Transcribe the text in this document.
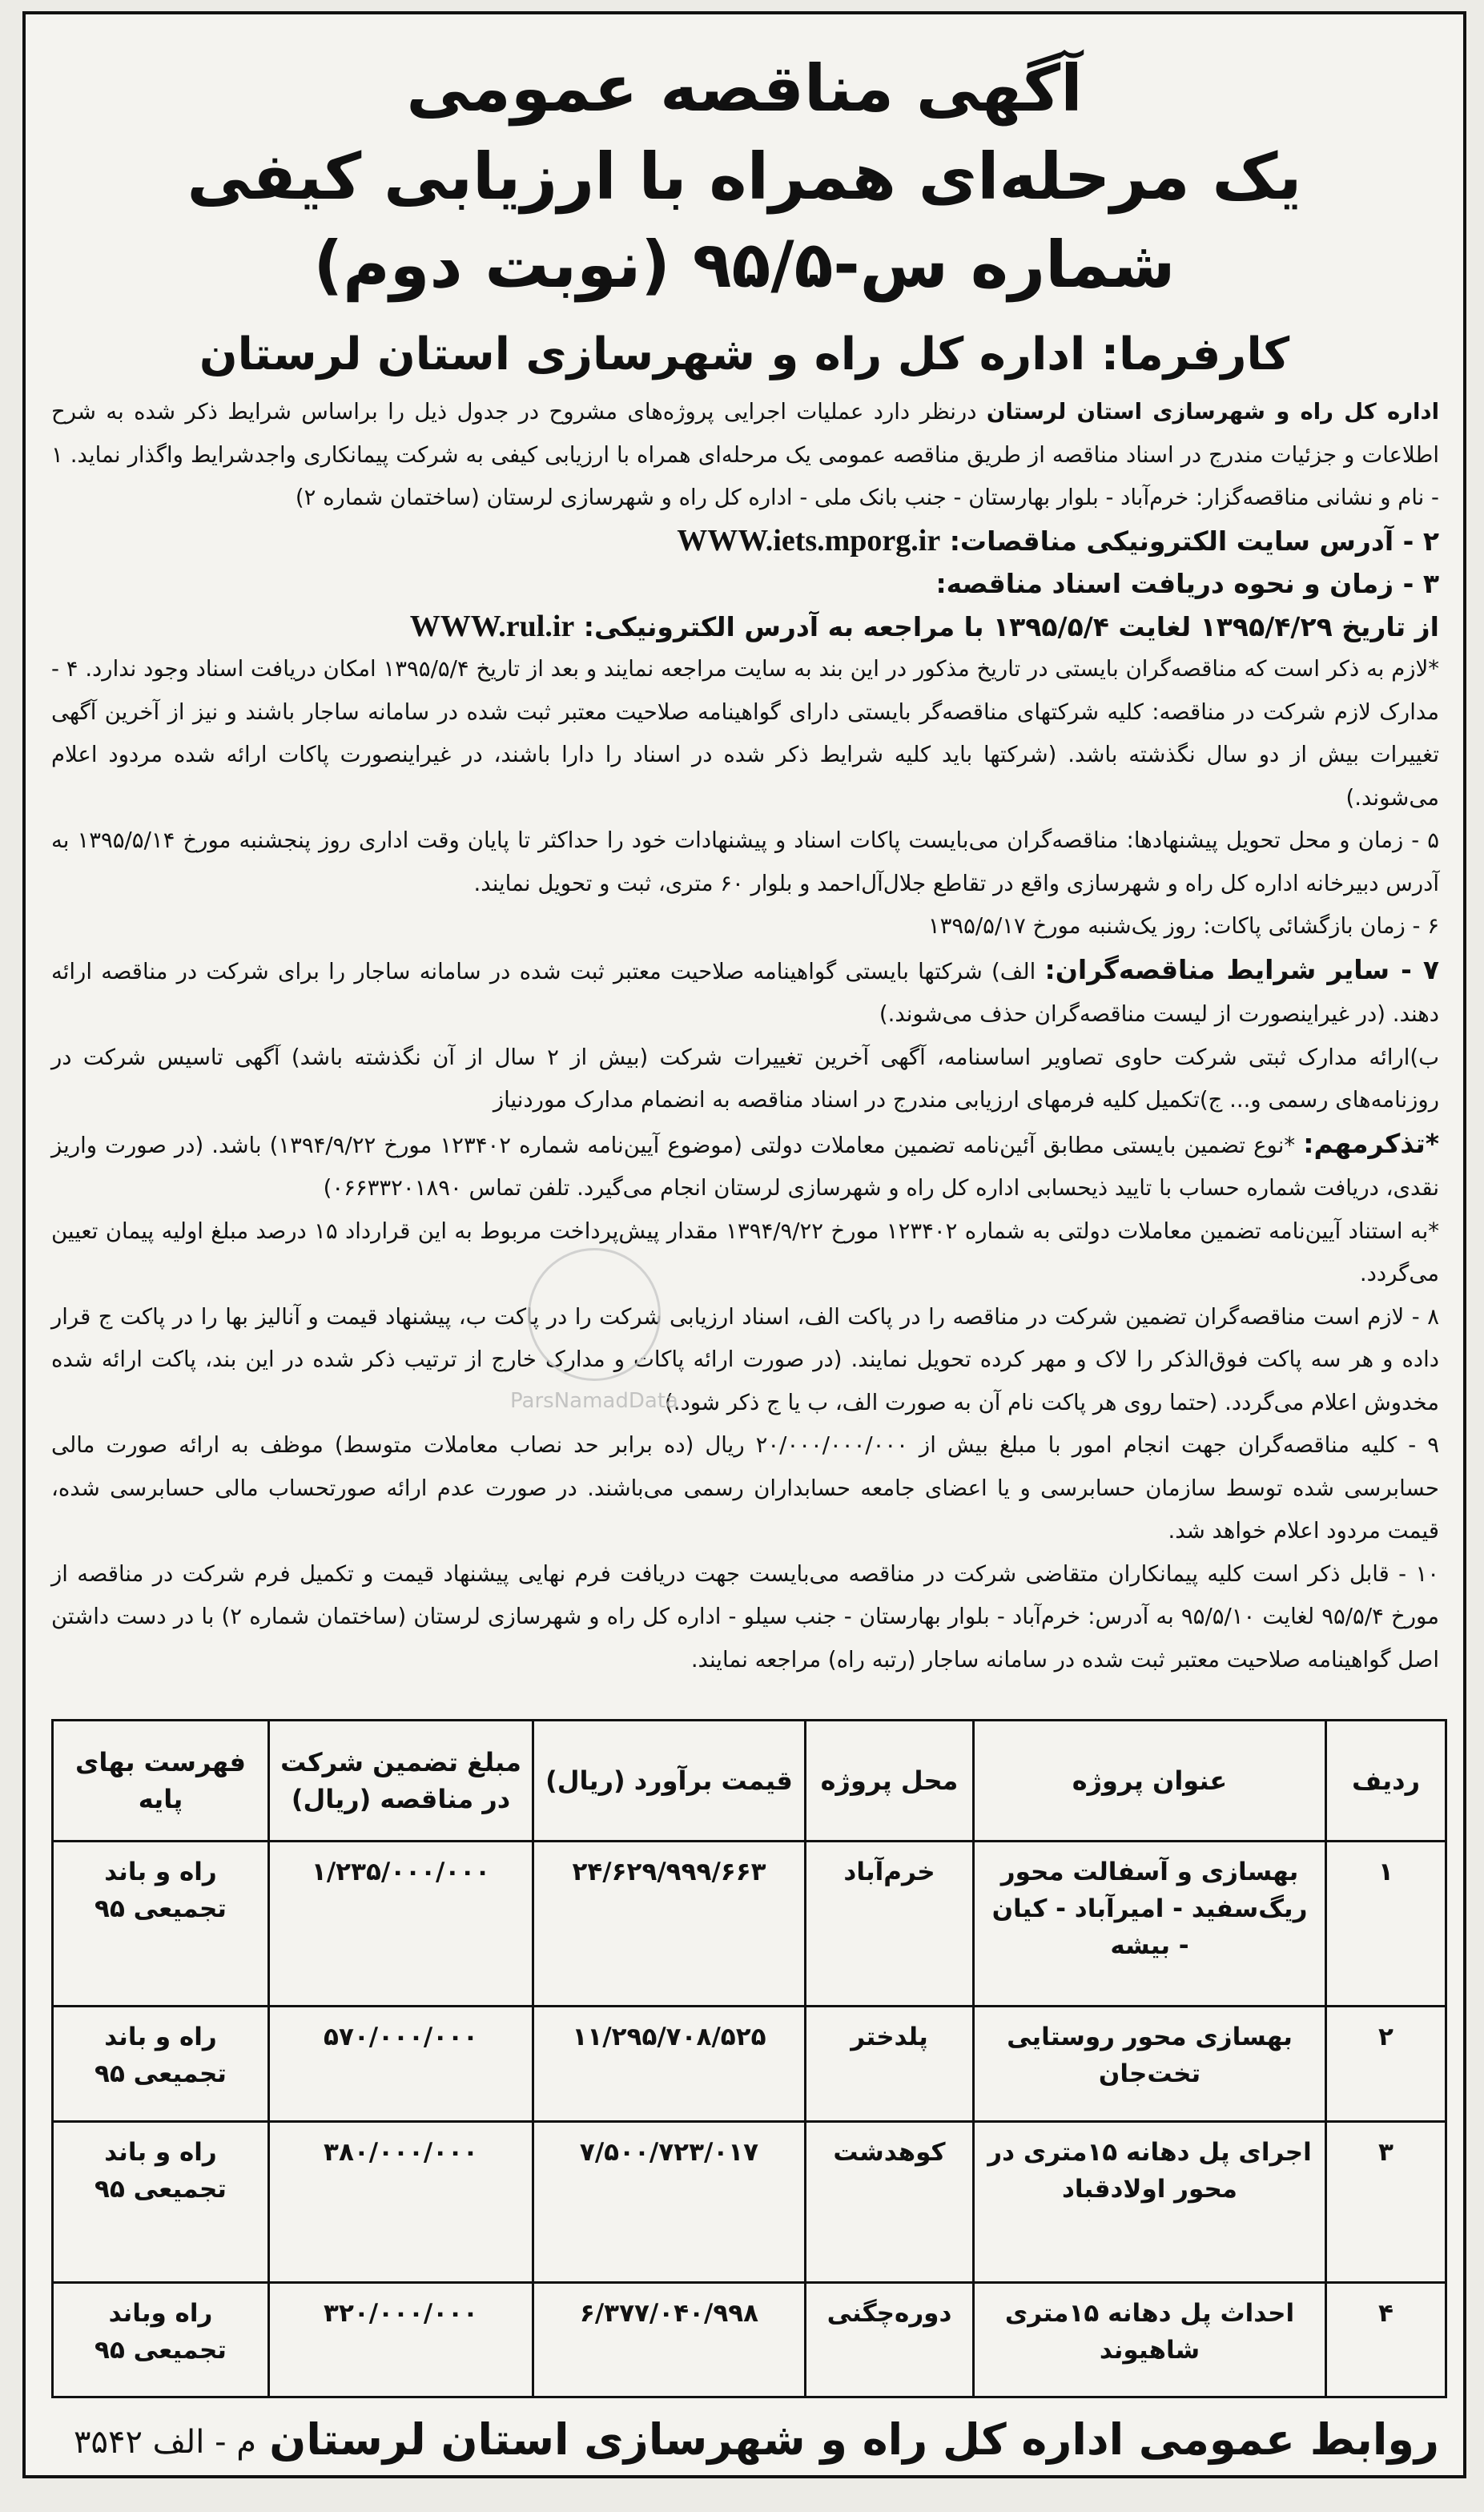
آگهی مناقصه عمومی
یک مرحله‌ای همراه با ارزیابی کیفی
شماره س-۹۵/۵ (نوبت دوم)
کارفرما: اداره کل راه و شهرسازی استان لرستان

اداره کل راه و شهرسازی استان لرستان درنظر دارد عملیات اجرایی پروژه‌های مشروح در جدول ذیل را براساس شرایط ذکر شده به شرح اطلاعات و جزئیات مندرج در اسناد مناقصه از طریق مناقصه عمومی یک مرحله‌ای همراه با ارزیابی کیفی به شرکت پیمانکاری واجدشرایط واگذار نماید. ۱ - نام و نشانی مناقصه‌گزار: خرم‌آباد - بلوار بهارستان - جنب بانک ملی - اداره کل راه و شهرسازی لرستان (ساختمان شماره ۲)

۲ - آدرس سایت الکترونیکی مناقصات: WWW.iets.mporg.ir

۳ - زمان و نحوه دریافت اسناد مناقصه:

از تاریخ ۱۳۹۵/۴/۲۹ لغایت ۱۳۹۵/۵/۴ با مراجعه به آدرس الکترونیکی: WWW.rul.ir

*لازم به ذکر است که مناقصه‌گران بایستی در تاریخ مذکور در این بند به سایت مراجعه نمایند و بعد از تاریخ ۱۳۹۵/۵/۴ امکان دریافت اسناد وجود ندارد. ۴ - مدارک لازم شرکت در مناقصه: کلیه شرکتهای مناقصه‌گر بایستی دارای گواهینامه صلاحیت معتبر ثبت شده در سامانه ساجار باشند و نیز از آخرین آگهی تغییرات بیش از دو سال نگذشته باشد. (شرکتها باید کلیه شرایط ذکر شده در اسناد را دارا باشند، در غیراینصورت پاکات ارائه شده مردود اعلام می‌شوند.)

۵ - زمان و محل تحویل پیشنهادها: مناقصه‌گران می‌بایست پاکات اسناد و پیشنهادات خود را حداکثر تا پایان وقت اداری روز پنجشنبه مورخ ۱۳۹۵/۵/۱۴ به آدرس دبیرخانه اداره کل راه و شهرسازی واقع در تقاطع جلال‌آل‌احمد و بلوار ۶۰ متری، ثبت و تحویل نمایند.

۶ - زمان بازگشائی پاکات: روز یک‌شنبه مورخ ۱۳۹۵/۵/۱۷

۷ - سایر شرایط مناقصه‌گران: الف) شرکتها بایستی گواهینامه صلاحیت معتبر ثبت شده در سامانه ساجار را برای شرکت در مناقصه ارائه دهند. (در غیراینصورت از لیست مناقصه‌گران حذف می‌شوند.)

ب)ارائه مدارک ثبتی شرکت حاوی تصاویر اساسنامه، آگهی آخرین تغییرات شرکت (بیش از ۲ سال از آن نگذشته باشد) آگهی تاسیس شرکت در روزنامه‌های رسمی و... ج)تکمیل کلیه فرمهای ارزیابی مندرج در اسناد مناقصه به انضمام مدارک موردنیاز

*تذکرمهم: *نوع تضمین بایستی مطابق آئین‌نامه تضمین معاملات دولتی (موضوع آیین‌نامه شماره ۱۲۳۴۰۲ مورخ ۱۳۹۴/۹/۲۲) باشد. (در صورت واریز نقدی، دریافت شماره حساب با تایید ذیحسابی اداره کل راه و شهرسازی لرستان انجام می‌گیرد. تلفن تماس ۰۶۶۳۳۲۰۱۸۹۰)

*به استناد آیین‌نامه تضمین معاملات دولتی به شماره ۱۲۳۴۰۲ مورخ ۱۳۹۴/۹/۲۲ مقدار پیش‌پرداخت مربوط به این قرارداد ۱۵ درصد مبلغ اولیه پیمان تعیین می‌گردد.

۸ - لازم است مناقصه‌گران تضمین شرکت در مناقصه را در پاکت الف، اسناد ارزیابی شرکت را در پاکت ب، پیشنهاد قیمت و آنالیز بها را در پاکت ج قرار داده و هر سه پاکت فوق‌الذکر را لاک و مهر کرده تحویل نمایند. (در صورت ارائه پاکات و مدارک خارج از ترتیب ذکر شده در این بند، پاکت ارائه شده مخدوش اعلام می‌گردد. (حتما روی هر پاکت نام آن به صورت الف، ب یا ج ذکر شود.)

۹ - کلیه مناقصه‌گران جهت انجام امور با مبلغ بیش از ۲۰/۰۰۰/۰۰۰/۰۰۰ ریال (ده برابر حد نصاب معاملات متوسط) موظف به ارائه صورت مالی حسابرسی شده توسط سازمان حسابرسی و یا اعضای جامعه حسابداران رسمی می‌باشند. در صورت عدم ارائه صورتحساب مالی حسابرسی شده، قیمت مردود اعلام خواهد شد.

۱۰ - قابل ذکر است کلیه پیمانکاران متقاضی شرکت در مناقصه می‌بایست جهت دریافت فرم نهایی پیشنهاد قیمت و تکمیل فرم شرکت در مناقصه از مورخ ۹۵/۵/۴ لغایت ۹۵/۵/۱۰ به آدرس: خرم‌آباد - بلوار بهارستان - جنب سیلو - اداره کل راه و شهرسازی لرستان (ساختمان شماره ۲) با در دست داشتن اصل گواهینامه صلاحیت معتبر ثبت شده در سامانه ساجار (رتبه راه) مراجعه نمایند.

ParsNamadData
ردیف	عنوان پروژه	محل پروژه	قیمت برآورد (ریال)	مبلغ تضمین شرکت در مناقصه (ریال)	فهرست بهای پایه
۱	بهسازی و آسفالت محور ریگ‌سفید - امیرآباد - کیان - بیشه	خرم‌آباد	۲۴/۶۲۹/۹۹۹/۶۶۳	۱/۲۳۵/۰۰۰/۰۰۰	راه و باند تجمیعی ۹۵
۲	بهسازی محور روستایی تخت‌جان	پلدختر	۱۱/۲۹۵/۷۰۸/۵۲۵	۵۷۰/۰۰۰/۰۰۰	راه و باند تجمیعی ۹۵
۳	اجرای پل دهانه ۱۵متری در محور اولادقباد	کوهدشت	۷/۵۰۰/۷۲۳/۰۱۷	۳۸۰/۰۰۰/۰۰۰	راه و باند تجمیعی ۹۵
۴	احداث پل دهانه ۱۵متری شاهیوند	دوره‌چگنی	۶/۳۷۷/۰۴۰/۹۹۸	۳۲۰/۰۰۰/۰۰۰	راه وباند تجمیعی ۹۵
روابط عمومی اداره کل راه و شهرسازی استان لرستان
م - الف ۳۵۴۲
